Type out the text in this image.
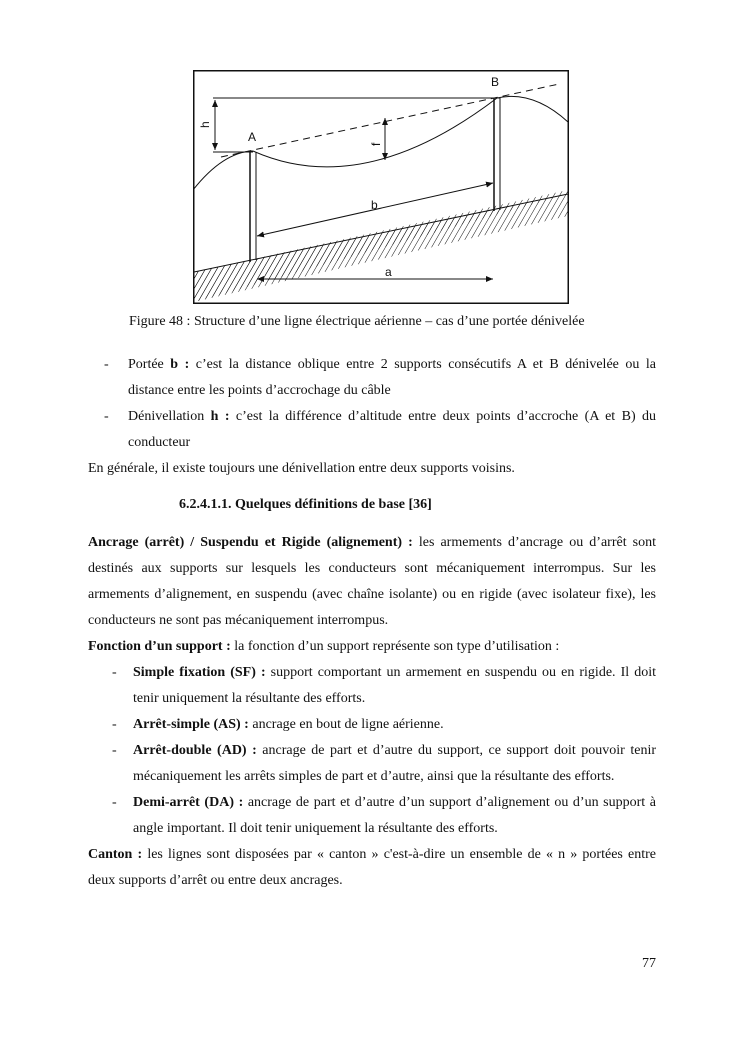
B
A
h
f
b
a
Figure 48 : Structure d’une ligne électrique aérienne – cas d’une portée dénivelée
- Portée b : c’est la distance oblique entre 2 supports consécutifs A et B dénivelée ou la distance entre les points d’accrochage du câble
- Dénivellation h : c’est la différence d’altitude entre deux points d’accroche (A et B) du conducteur
En générale, il existe toujours une dénivellation entre deux supports voisins.
6.2.4.1.1. Quelques définitions de base [36]
Ancrage (arrêt) / Suspendu et Rigide (alignement) : les armements d’ancrage ou d’arrêt sont destinés aux supports sur lesquels les conducteurs sont mécaniquement interrompus. Sur les armements d’alignement, en suspendu (avec chaîne isolante) ou en rigide (avec isolateur fixe), les conducteurs ne sont pas mécaniquement interrompus.
Fonction d’un support : la fonction d’un support représente son type d’utilisation :
- Simple fixation (SF) : support comportant un armement en suspendu ou en rigide. Il doit tenir uniquement la résultante des efforts.
- Arrêt-simple (AS) : ancrage en bout de ligne aérienne.
- Arrêt-double (AD) : ancrage de part et d’autre du support, ce support doit pouvoir tenir mécaniquement les arrêts simples de part et d’autre, ainsi que la résultante des efforts.
- Demi-arrêt (DA) : ancrage de part et d’autre d’un support d’alignement ou d’un support à angle important. Il doit tenir uniquement la résultante des efforts.
Canton : les lignes sont disposées par « canton » c'est-à-dire un ensemble de « n » portées entre deux supports d’arrêt ou entre deux ancrages.
77
